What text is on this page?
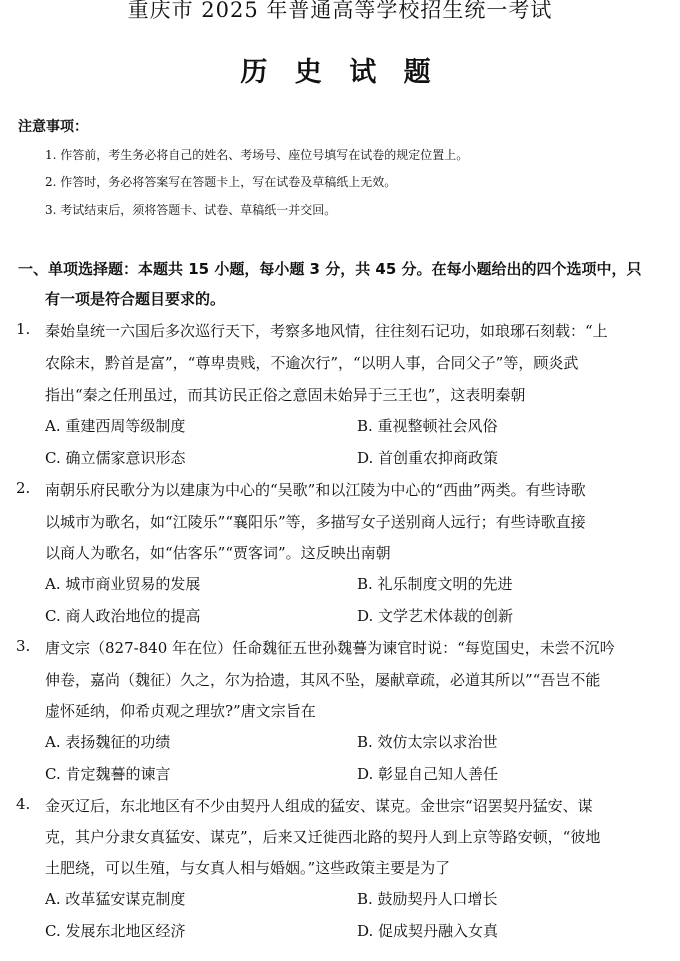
重庆市 2025 年普通高等学校招生统一考试
历 史 试 题
注意事项：
1. 作答前，考生务必将自己的姓名、考场号、座位号填写在试卷的规定位置上。
2. 作答时，务必将答案写在答题卡上，写在试卷及草稿纸上无效。
3. 考试结束后，须将答题卡、试卷、草稿纸一并交回。
一、单项选择题：本题共 15 小题，每小题 3 分，共 45 分。在每小题给出的四个选项中，只
有一项是符合题目要求的。
1. 秦始皇统一六国后多次巡行天下，考察多地风情，往往刻石记功，如琅琊石刻载：“上
农除末，黔首是富”，“尊卑贵贱，不逾次行”，“以明人事，合同父子”等，顾炎武
指出“秦之任刑虽过，而其访民正俗之意固未始异于三王也”，这表明秦朝
A. 重建西周等级制度	B. 重视整顿社会风俗
C. 确立儒家意识形态	D. 首创重农抑商政策
2. 南朝乐府民歌分为以建康为中心的“吴歌”和以江陵为中心的“西曲”两类。有些诗歌
以城市为歌名，如“江陵乐”“襄阳乐”等，多描写女子送别商人远行；有些诗歌直接
以商人为歌名，如“估客乐”“贾客词”。这反映出南朝
A. 城市商业贸易的发展	B. 礼乐制度文明的先进
C. 商人政治地位的提高	D. 文学艺术体裁的创新
3. 唐文宗（827-840 年在位）任命魏征五世孙魏謩为谏官时说：“每览国史，未尝不沉吟
伸卷，嘉尚（魏征）久之，尔为拾遗，其风不坠，屡献章疏，必道其所以”“吾岂不能
虚怀延纳，仰希贞观之理欤?”唐文宗旨在
A. 表扬魏征的功绩	B. 效仿太宗以求治世
C. 肯定魏謩的谏言	D. 彰显自己知人善任
4. 金灭辽后，东北地区有不少由契丹人组成的猛安、谋克。金世宗“诏罢契丹猛安、谋
克，其户分隶女真猛安、谋克”，后来又迁徙西北路的契丹人到上京等路安顿，“彼地
土肥绕，可以生殖，与女真人相与婚姻。”这些政策主要是为了
A. 改革猛安谋克制度	B. 鼓励契丹人口增长
C. 发展东北地区经济	D. 促成契丹融入女真
